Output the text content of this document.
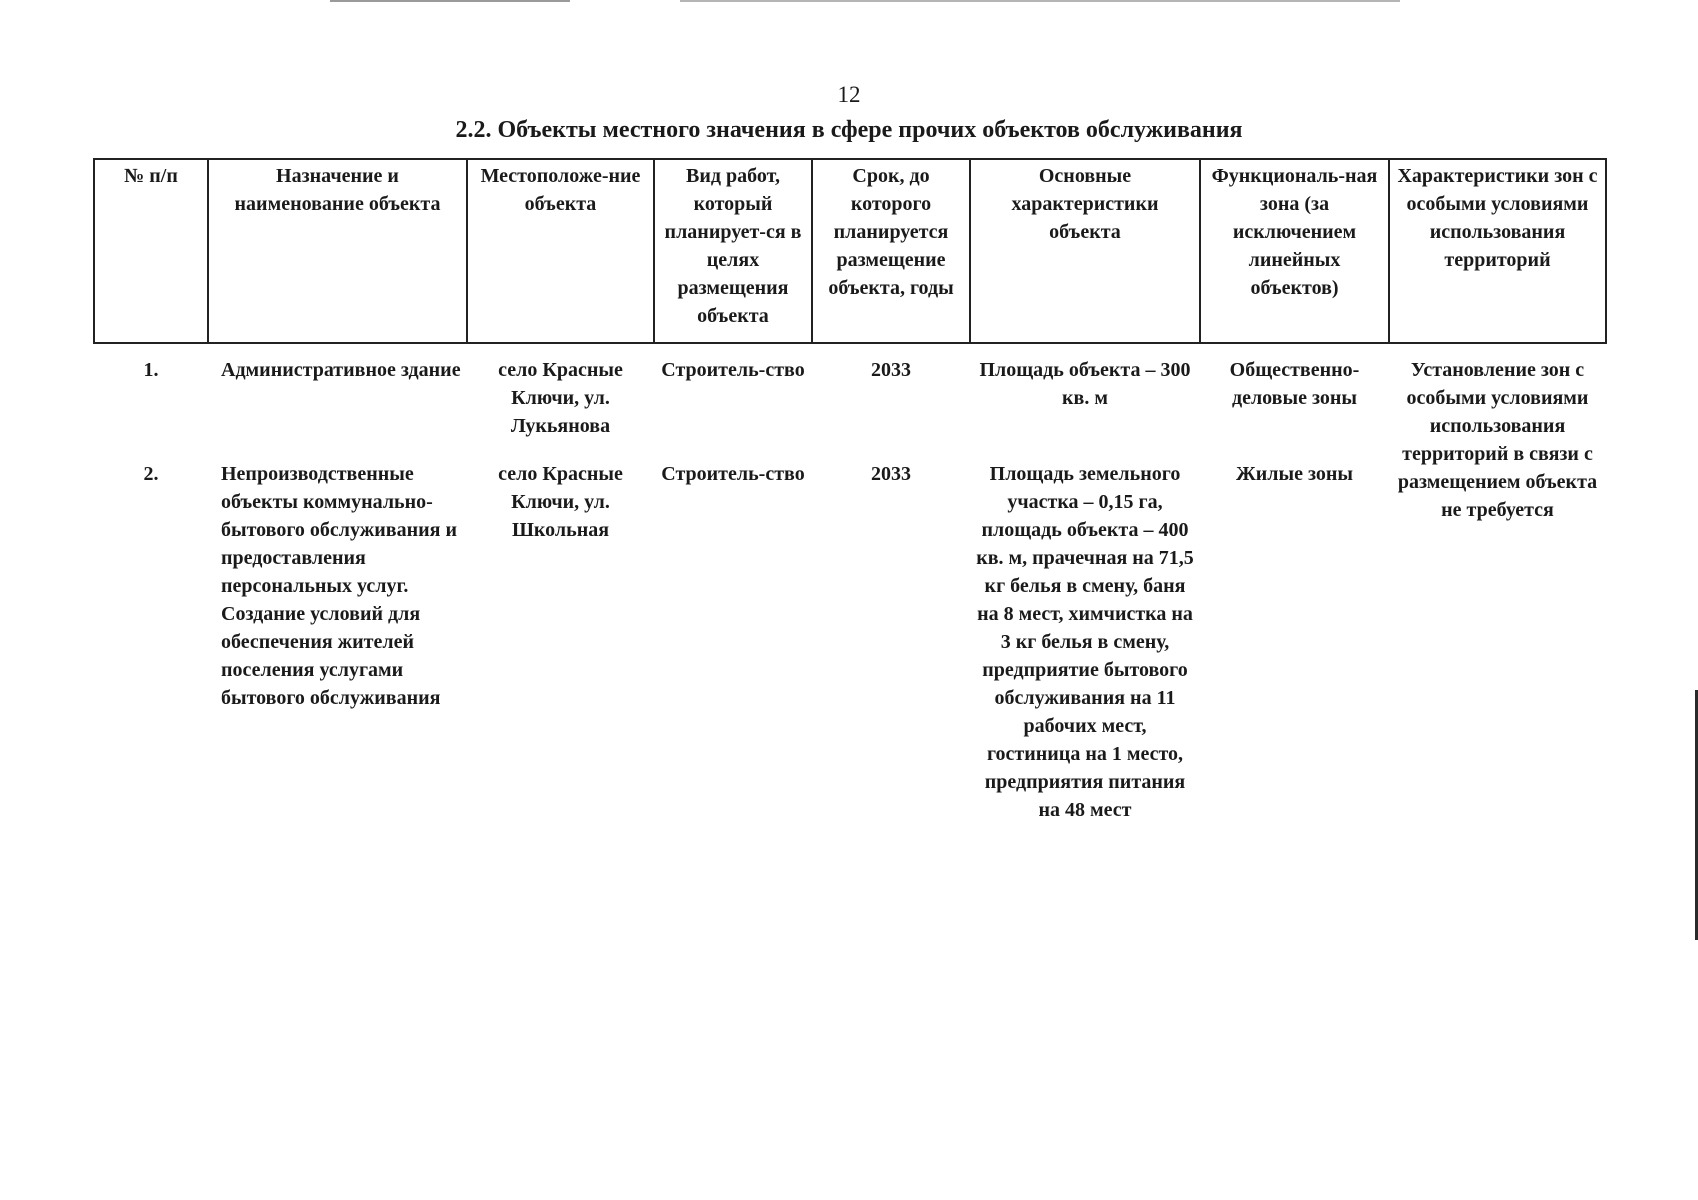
12
2.2. Объекты местного значения в сфере прочих объектов обслуживания
№ п/п	Назначение и наименование объекта	Местоположе-ние объекта	Вид работ, который планирует-ся в целях размещения объекта	Срок, до которого планируется размещение объекта, годы	Основные характеристики объекта	Функциональ-ная зона (за исключением линейных объектов)	Характеристики зон с особыми условиями использования территорий
1.	Административное здание	село Красные Ключи, ул. Лукьянова	Строитель-ство	2033	Площадь объекта – 300 кв. м	Общественно-деловые зоны	Установление зон с особыми условиями использования территорий в связи с размещением объекта не требуется
2.	Непроизводственные объекты коммунально-бытового обслуживания и предоставления персональных услуг. Создание условий для обеспечения жителей поселения услугами бытового обслуживания	село Красные Ключи, ул. Школьная	Строитель-ство	2033	Площадь земельного участка – 0,15 га, площадь объекта – 400 кв. м, прачечная на 71,5 кг белья в смену, баня на 8 мест, химчистка на 3 кг белья в смену, предприятие бытового обслуживания на 11 рабочих мест, гостиница на 1 место, предприятия питания на 48 мест	Жилые зоны	
